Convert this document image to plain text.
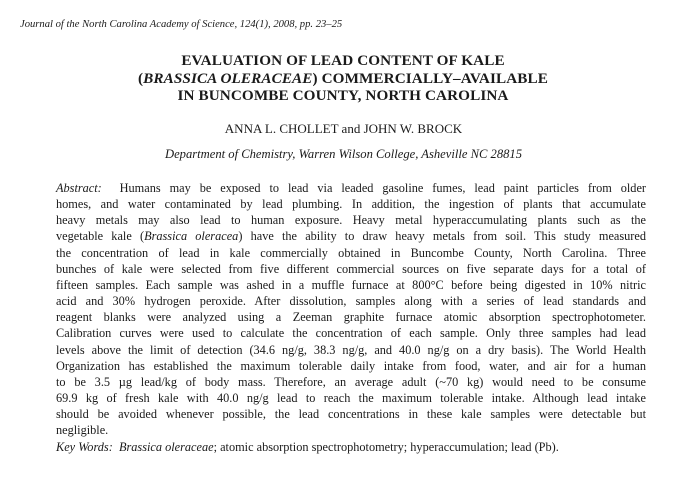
Journal of the North Carolina Academy of Science, 124(1), 2008, pp. 23–25
EVALUATION OF LEAD CONTENT OF KALE
(BRASSICA OLERACEAE) COMMERCIALLY–AVAILABLE
IN BUNCOMBE COUNTY, NORTH CAROLINA
ANNA L. CHOLLET and JOHN W. BROCK
Department of Chemistry, Warren Wilson College, Asheville NC 28815
Abstract: Humans may be exposed to lead via leaded gasoline fumes, lead paint particles from older
homes, and water contaminated by lead plumbing. In addition, the ingestion of plants that accumulate
heavy metals may also lead to human exposure. Heavy metal hyperaccumulating plants such as the
vegetable kale (Brassica oleracea) have the ability to draw heavy metals from soil. This study measured
the concentration of lead in kale commercially obtained in Buncombe County, North Carolina. Three
bunches of kale were selected from five different commercial sources on five separate days for a total of
fifteen samples. Each sample was ashed in a muffle furnace at 800°C before being digested in 10% nitric
acid and 30% hydrogen peroxide. After dissolution, samples along with a series of lead standards and
reagent blanks were analyzed using a Zeeman graphite furnace atomic absorption spectrophotometer.
Calibration curves were used to calculate the concentration of each sample. Only three samples had lead
levels above the limit of detection (34.6 ng/g, 38.3 ng/g, and 40.0 ng/g on a dry basis). The World Health
Organization has established the maximum tolerable daily intake from food, water, and air for a human
to be 3.5 µg lead/kg of body mass. Therefore, an average adult (~70 kg) would need to be consume
69.9 kg of fresh kale with 40.0 ng/g lead to reach the maximum tolerable intake. Although lead intake
should be avoided whenever possible, the lead concentrations in these kale samples were detectable but
negligible.
Key Words: Brassica oleraceae; atomic absorption spectrophotometry; hyperaccumulation; lead (Pb).
